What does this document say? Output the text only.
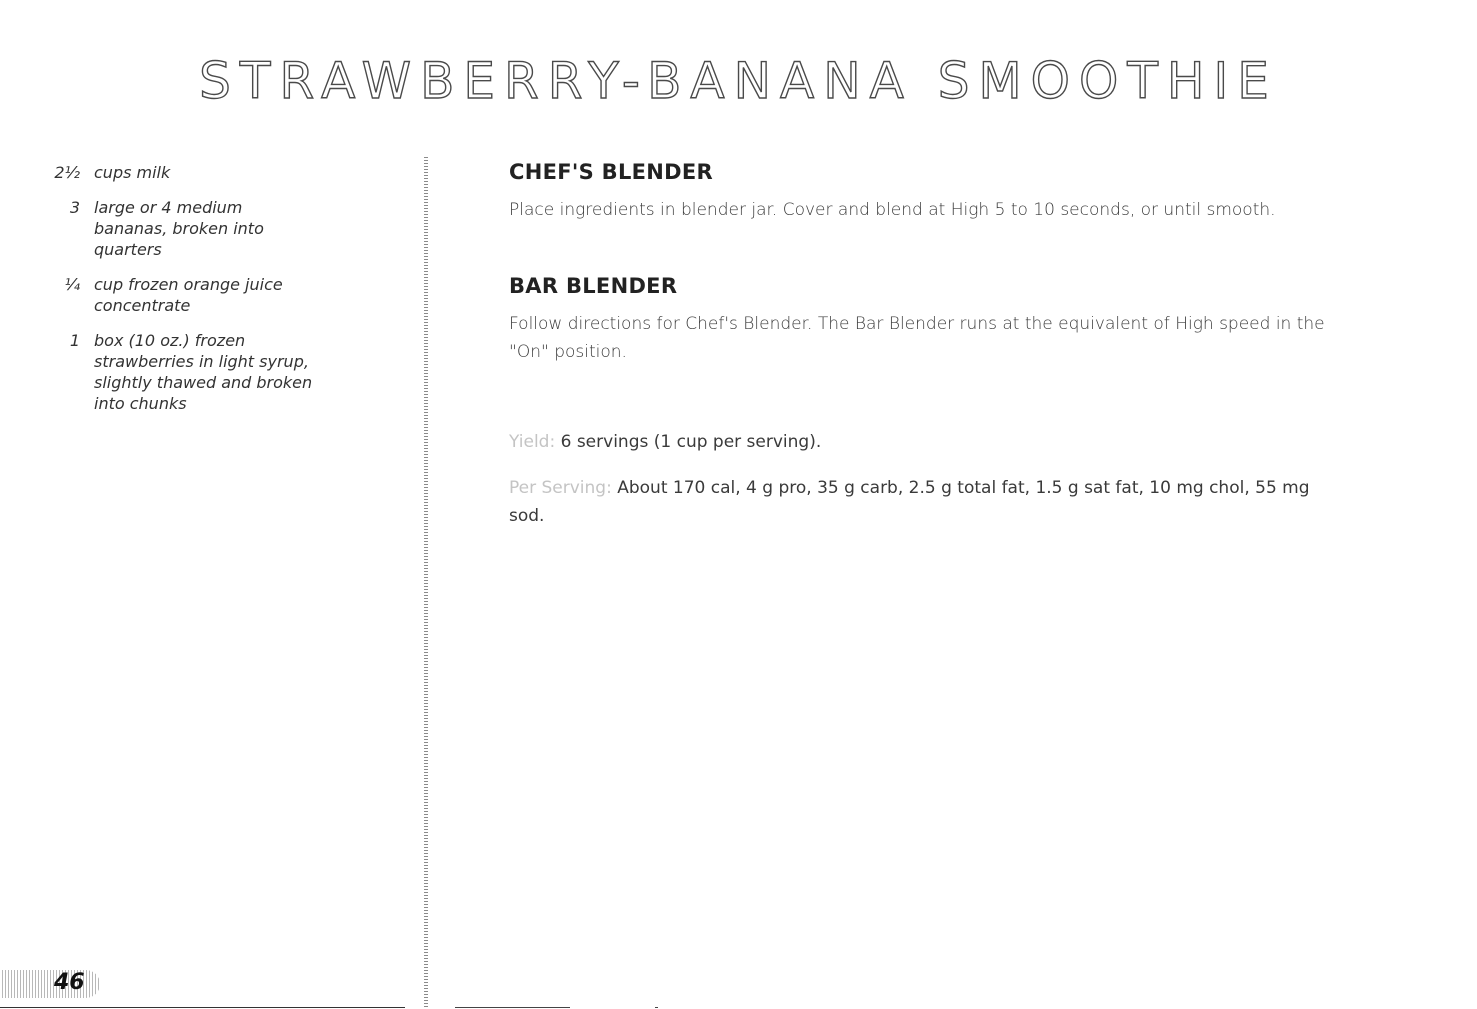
STRAWBERRY-BANANA SMOOTHIE
2½ cups milk
3 large or 4 medium bananas, broken into quarters
¼ cup frozen orange juice concentrate
1 box (10 oz.) frozen strawberries in light syrup, slightly thawed and broken into chunks
CHEF'S BLENDER

Place ingredients in blender jar. Cover and blend at High 5 to 10 seconds, or until smooth.

BAR BLENDER

Follow directions for Chef's Blender. The Bar Blender runs at the equivalent of High speed in the "On" position.

Yield: 6 servings (1 cup per serving).
Per Serving: About 170 cal, 4 g pro, 35 g carb, 2.5 g total fat, 1.5 g sat fat, 10 mg chol, 55 mg sod.
46
